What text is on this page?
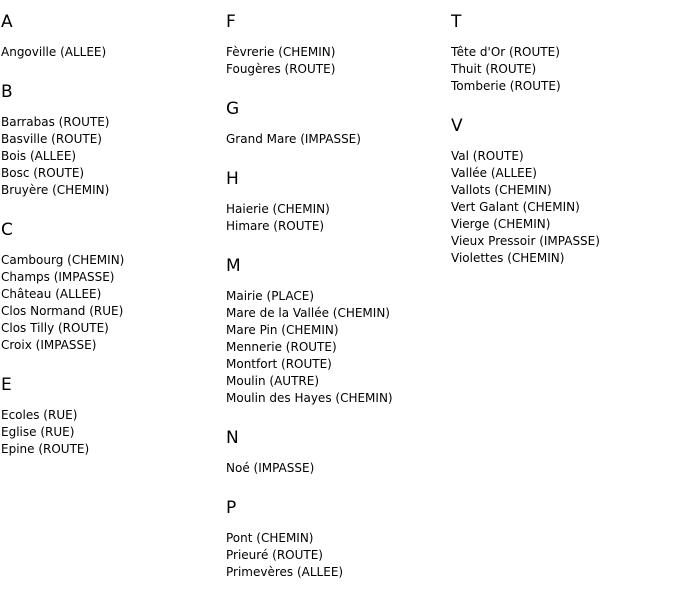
A
Angoville (ALLEE)
B
Barrabas (ROUTE)
Basville (ROUTE)
Bois (ALLEE)
Bosc (ROUTE)
Bruyère (CHEMIN)
C
Cambourg (CHEMIN)
Champs (IMPASSE)
Château (ALLEE)
Clos Normand (RUE)
Clos Tilly (ROUTE)
Croix (IMPASSE)
E
Ecoles (RUE)
Eglise (RUE)
Epine (ROUTE)
F
Fèvrerie (CHEMIN)
Fougères (ROUTE)
G
Grand Mare (IMPASSE)
H
Haierie (CHEMIN)
Himare (ROUTE)
M
Mairie (PLACE)
Mare de la Vallée (CHEMIN)
Mare Pin (CHEMIN)
Mennerie (ROUTE)
Montfort (ROUTE)
Moulin (AUTRE)
Moulin des Hayes (CHEMIN)
N
Noé (IMPASSE)
P
Pont (CHEMIN)
Prieuré (ROUTE)
Primevères (ALLEE)
T
Tête d'Or (ROUTE)
Thuit (ROUTE)
Tomberie (ROUTE)
V
Val (ROUTE)
Vallée (ALLEE)
Vallots (CHEMIN)
Vert Galant (CHEMIN)
Vierge (CHEMIN)
Vieux Pressoir (IMPASSE)
Violettes (CHEMIN)
